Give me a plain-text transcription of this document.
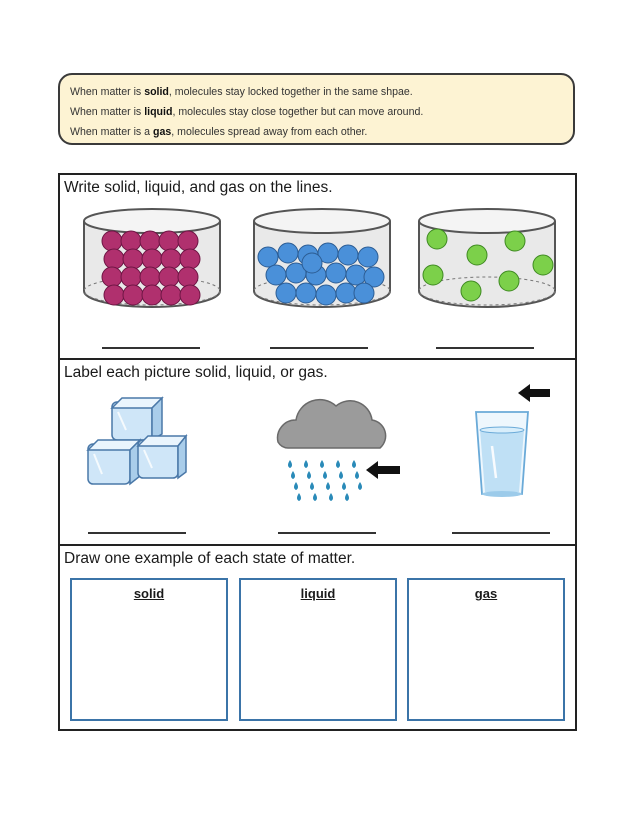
When matter is solid, molecules stay locked together in the same shpae.
When matter is liquid, molecules stay close together but can move around.
When matter is a gas, molecules spread away from each other.
Write solid, liquid, and gas on the lines.
Label each picture solid, liquid, or gas.
Draw one example of each state of matter.
solid	liquid	gas
